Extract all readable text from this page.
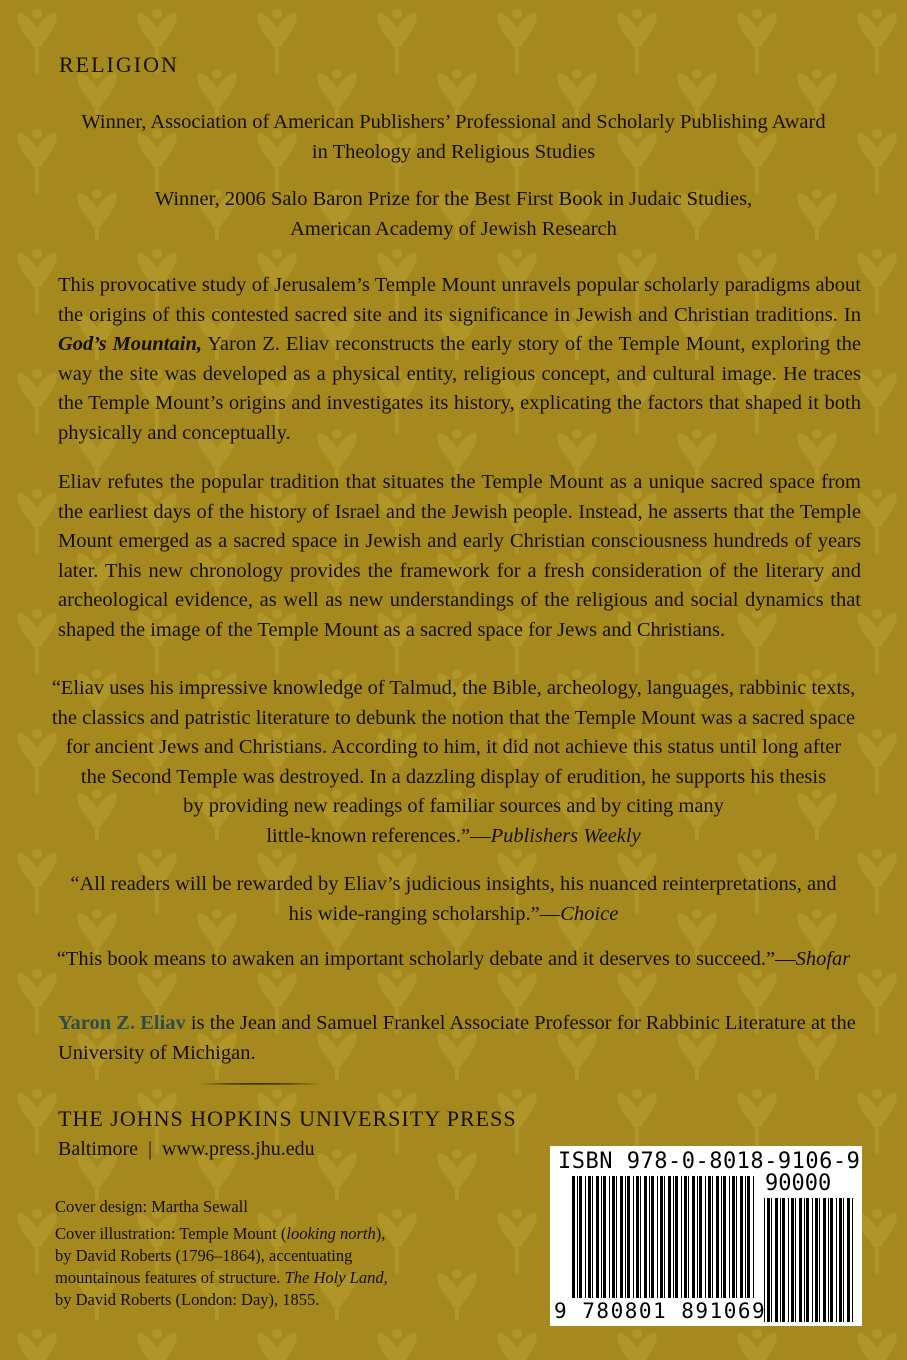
RELIGION
Winner, Association of American Publishers’ Professional and Scholarly Publishing Award
in Theology and Religious Studies
Winner, 2006 Salo Baron Prize for the Best First Book in Judaic Studies,
American Academy of Jewish Research

This provocative study of Jerusalem’s Temple Mount unravels popular scholarly paradigms about the origins of this contested sacred site and its significance in Jewish and Christian traditions. In God’s Mountain, Yaron Z. Eliav reconstructs the early story of the Temple Mount, exploring the way the site was developed as a physical entity, religious concept, and cultural image. He traces the Temple Mount’s origins and investigates its history, explicating the factors that shaped it both physically and conceptually.

Eliav refutes the popular tradition that situates the Temple Mount as a unique sacred space from the earliest days of the history of Israel and the Jewish people. Instead, he asserts that the Temple Mount emerged as a sacred space in Jewish and early Christian consciousness hundreds of years later. This new chronology provides the framework for a fresh consideration of the literary and archeological evidence, as well as new understandings of the religious and social dynamics that shaped the image of the Temple Mount as a sacred space for Jews and Christians.

“Eliav uses his impressive knowledge of Talmud, the Bible, archeology, languages, rabbinic texts,

the classics and patristic literature to debunk the notion that the Temple Mount was a sacred space

for ancient Jews and Christians. According to him, it did not achieve this status until long after

the Second Temple was destroyed. In a dazzling display of erudition, he supports his thesis

by providing new readings of familiar sources and by citing many

little-known references.”—Publishers Weekly

“All readers will be rewarded by Eliav’s judicious insights, his nuanced reinterpretations, and

his wide-ranging scholarship.”—Choice

“This book means to awaken an important scholarly debate and it deserves to succeed.”—Shofar

Yaron Z. Eliav is the Jean and Samuel Frankel Associate Professor for Rabbinic Literature at the University of Michigan.

THE JOHNS HOPKINS UNIVERSITY PRESS
Baltimore | www.press.jhu.edu
Cover design: Martha Sewall

Cover illustration: Temple Mount (looking north), by David Roberts (1796–1864), accentuating mountainous features of structure. The Holy Land, by David Roberts (London: Day), 1855.

ISBN 978-0-8018-9106-9
90000
9 780801 891069
